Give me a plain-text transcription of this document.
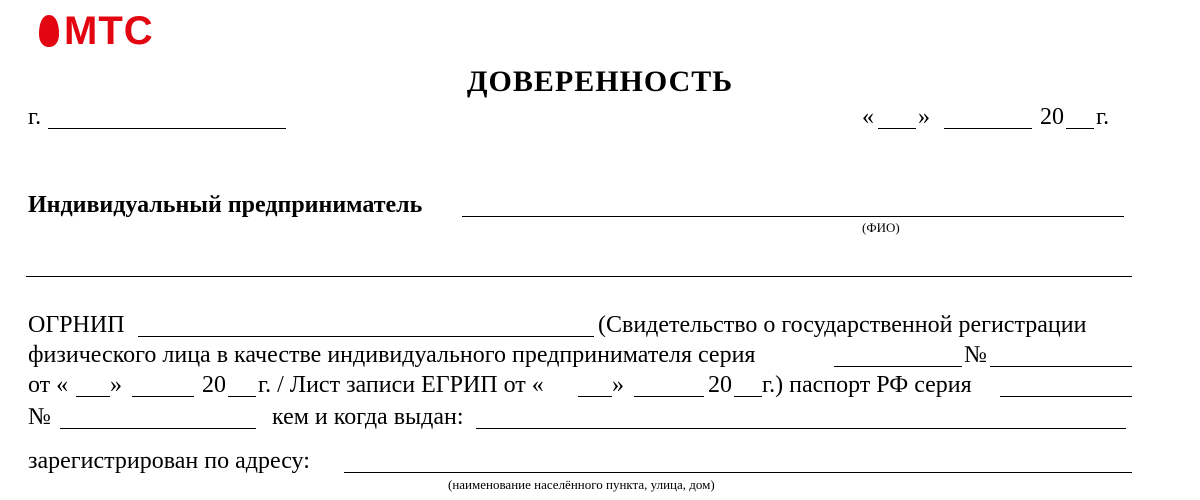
МТС
ДОВЕРЕННОСТЬ
г.	« »	20 г.
Индивидуальный предприниматель
(ФИО)
ОГРНИП	(Свидетельство о государственной регистрации
физического лица в качестве индивидуального предпринимателя серия	№
от « »	20 г. / Лист записи ЕГРИП от «	»	20 г.) паспорт РФ серия
№	кем и когда выдан:
зарегистрирован по адресу:
(наименование населённого пункта, улица, дом)
